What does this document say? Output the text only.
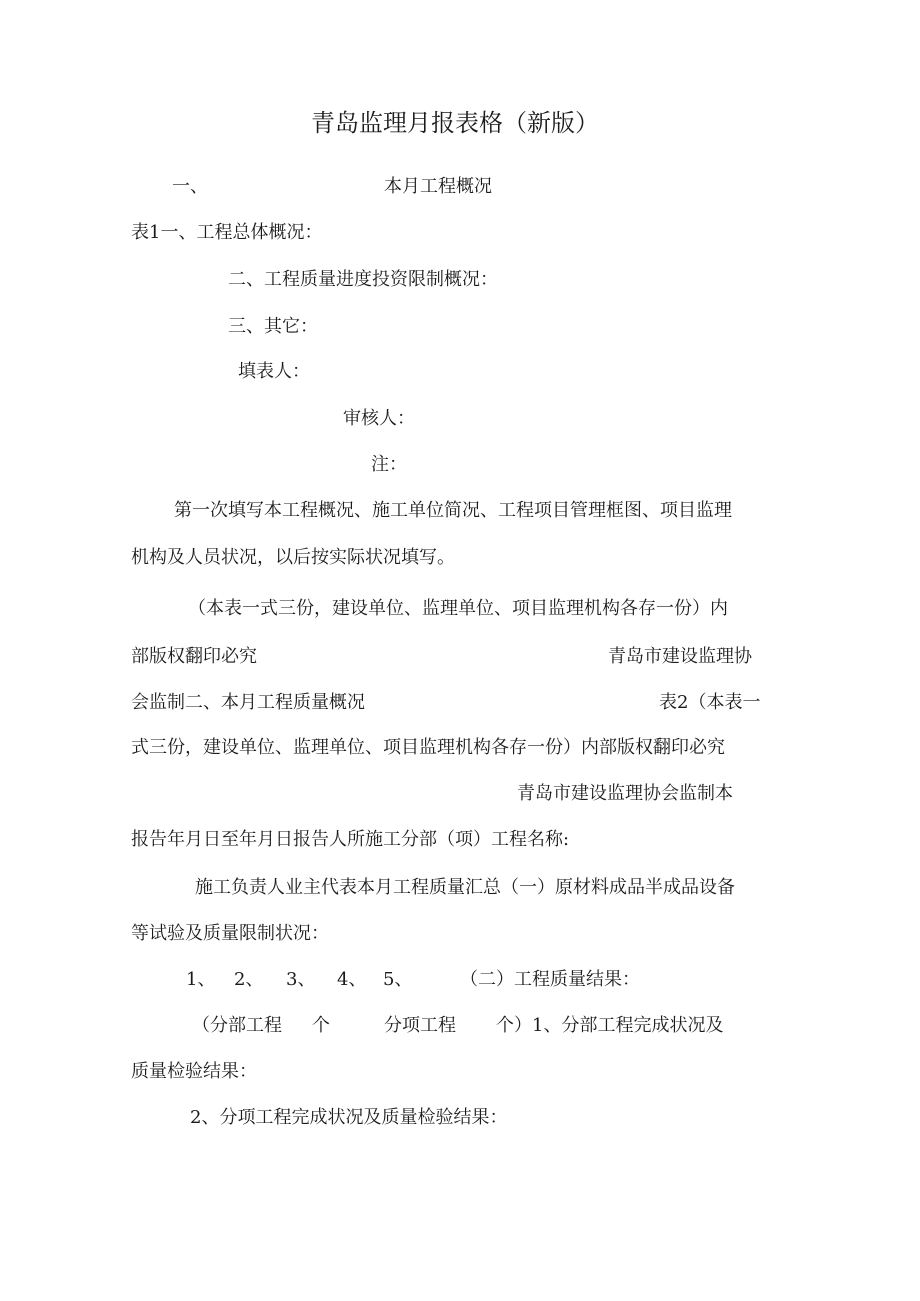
青岛监理月报表格（新版）
一、	本月工程概况
表1一、工程总体概况：
二、工程质量进度投资限制概况：
三、其它：
填表人：
审核人：
注：
第一次填写本工程概况、施工单位简况、工程项目管理框图、项目监理
机构及人员状况，以后按实际状况填写。
（本表一式三份，建设单位、监理单位、项目监理机构各存一份）内
部版权翻印必究	青岛市建设监理协
会监制二、本月工程质量概况	表2（本表一
式三份，建设单位、监理单位、项目监理机构各存一份）内部版权翻印必究
青岛市建设监理协会监制本
报告年月日至年月日报告人所施工分部（项）工程名称:
施工负责人业主代表本月工程质量汇总（一）原材料成品半成品设备
等试验及质量限制状况：
1、 2、 3、 4、 5、	（二）工程质量结果：
（分部工程 个	分项工程 个）1、分部工程完成状况及
质量检验结果：
2、分项工程完成状况及质量检验结果：
